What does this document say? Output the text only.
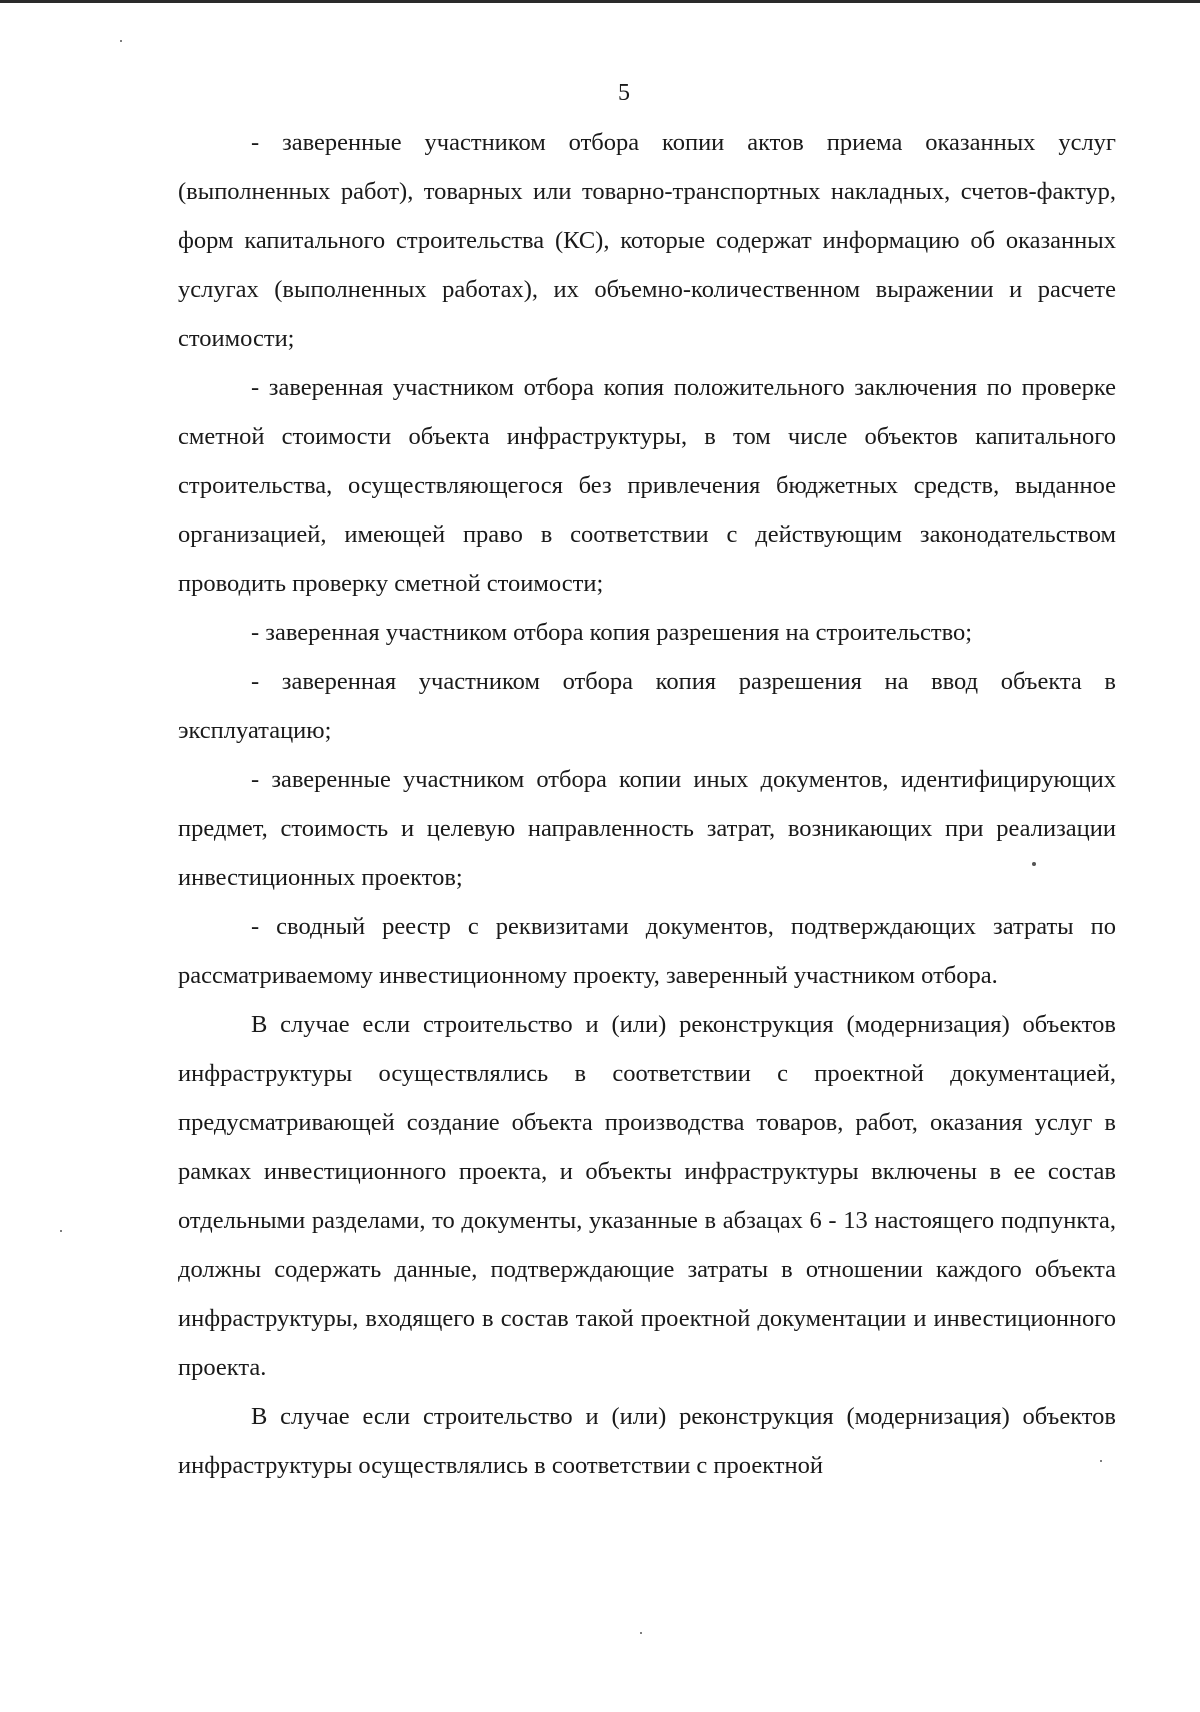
5

- заверенные участником отбора копии актов приема оказанных услуг (выполненных работ), товарных или товарно-транспортных накладных, счетов-фактур, форм капитального строительства (КС), которые содержат информацию об оказанных услугах (выполненных работах), их объемно-количественном выражении и расчете стоимости;

- заверенная участником отбора копия положительного заключения по проверке сметной стоимости объекта инфраструктуры, в том числе объектов капитального строительства, осуществляющегося без привлечения бюджетных средств, выданное организацией, имеющей право в соответствии с действующим законодательством проводить проверку сметной стоимости;

- заверенная участником отбора копия разрешения на строительство;

- заверенная участником отбора копия разрешения на ввод объекта в эксплуатацию;

- заверенные участником отбора копии иных документов, идентифицирующих предмет, стоимость и целевую направленность затрат, возникающих при реализации инвестиционных проектов;

- сводный реестр с реквизитами документов, подтверждающих затраты по рассматриваемому инвестиционному проекту, заверенный участником отбора.

В случае если строительство и (или) реконструкция (модернизация) объектов инфраструктуры осуществлялись в соответствии с проектной документацией, предусматривающей создание объекта производства товаров, работ, оказания услуг в рамках инвестиционного проекта, и объекты инфраструктуры включены в ее состав отдельными разделами, то документы, указанные в абзацах 6 - 13 настоящего подпункта, должны содержать данные, подтверждающие затраты в отношении каждого объекта инфраструктуры, входящего в состав такой проектной документации и инвестиционного проекта.

В случае если строительство и (или) реконструкция (модернизация) объектов инфраструктуры осуществлялись в соответствии с проектной
